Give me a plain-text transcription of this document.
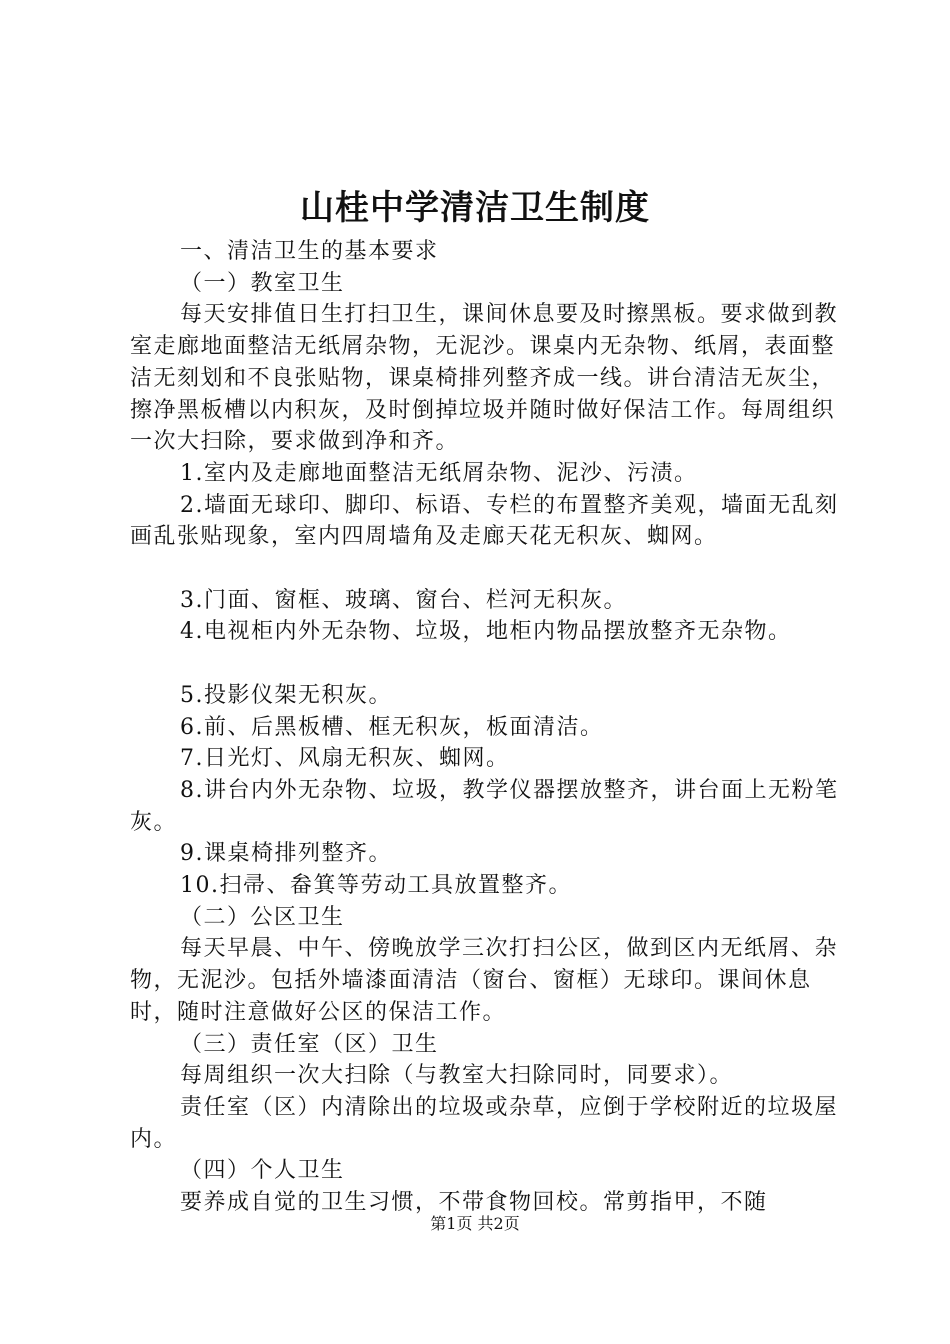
山桂中学清洁卫生制度

一、清洁卫生的基本要求

（一）教室卫生

每天安排值日生打扫卫生，课间休息要及时擦黑板。要求做到教室走廊地面整洁无纸屑杂物，无泥沙。课桌内无杂物、纸屑，表面整洁无刻划和不良张贴物，课桌椅排列整齐成一线。讲台清洁无灰尘，擦净黑板槽以内积灰，及时倒掉垃圾并随时做好保洁工作。每周组织一次大扫除，要求做到净和齐。

1.室内及走廊地面整洁无纸屑杂物、泥沙、污渍。

2.墙面无球印、脚印、标语、专栏的布置整齐美观，墙面无乱刻画乱张贴现象，室内四周墙角及走廊天花无积灰、蜘网。

3.门面、窗框、玻璃、窗台、栏河无积灰。

4.电视柜内外无杂物、垃圾，地柜内物品摆放整齐无杂物。

5.投影仪架无积灰。

6.前、后黑板槽、框无积灰，板面清洁。

7.日光灯、风扇无积灰、蜘网。

8.讲台内外无杂物、垃圾，教学仪器摆放整齐，讲台面上无粉笔灰。

9.课桌椅排列整齐。

10.扫帚、畚箕等劳动工具放置整齐。

（二）公区卫生

每天早晨、中午、傍晚放学三次打扫公区，做到区内无纸屑、杂物，无泥沙。包括外墙漆面清洁（窗台、窗框）无球印。课间休息时，随时注意做好公区的保洁工作。

（三）责任室（区）卫生

每周组织一次大扫除（与教室大扫除同时，同要求）。

责任室（区）内清除出的垃圾或杂草，应倒于学校附近的垃圾屋内。

（四）个人卫生

要养成自觉的卫生习惯，不带食物回校。常剪指甲，不随

第1页 共2页
